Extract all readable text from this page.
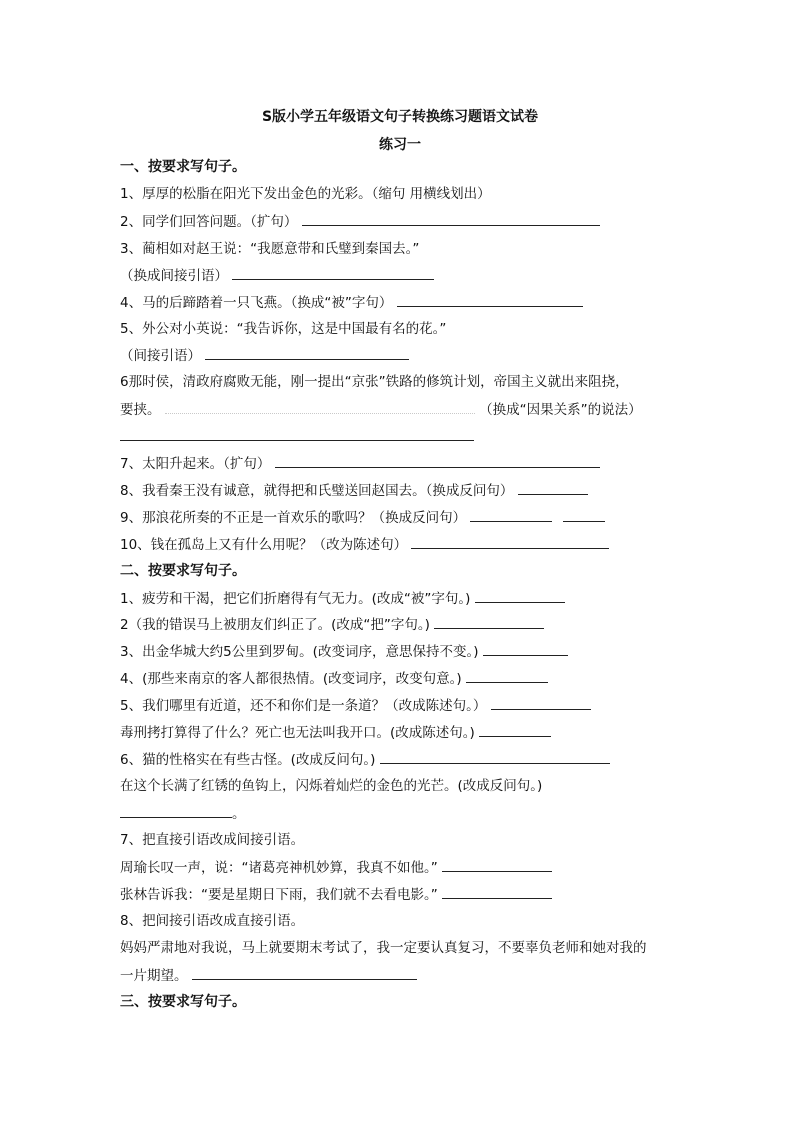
S版小学五年级语文句子转换练习题语文试卷
练习一
一、按要求写句子。
1、厚厚的松脂在阳光下发出金色的光彩。（缩句 用横线划出）
2、同学们回答问题。（扩句）
3、蔺相如对赵王说：“我愿意带和氏璧到秦国去。”
（换成间接引语）
4、马的后蹄踏着一只飞燕。（换成“被”字句）
5、外公对小英说：“我告诉你，这是中国最有名的花。”
（间接引语）
6那时侯，清政府腐败无能，刚一提出“京张”铁路的修筑计划，帝国主义就出来阻挠，
要挟。	（换成“因果关系”的说法）
7、太阳升起来。（扩句）
8、我看秦王没有诚意，就得把和氏璧送回赵国去。（换成反问句）
9、那浪花所奏的不正是一首欢乐的歌吗？（换成反问句）
10、钱在孤岛上又有什么用呢？（改为陈述句）
二、按要求写句子。
1、疲劳和干渴，把它们折磨得有气无力。(改成“被”字句。)
2（我的错误马上被朋友们纠正了。(改成“把”字句。)
3、出金华城大约5公里到罗甸。(改变词序，意思保持不变。)
4、(那些来南京的客人都很热情。(改变词序，改变句意。)
5、我们哪里有近道，还不和你们是一条道？（改成陈述句。）
毒刑拷打算得了什么？死亡也无法叫我开口。(改成陈述句。)
6、猫的性格实在有些古怪。(改成反问句。)
在这个长满了红锈的鱼钩上，闪烁着灿烂的金色的光芒。(改成反问句。)
。
7、把直接引语改成间接引语。
周瑜长叹一声，说：“诸葛亮神机妙算，我真不如他。”
张林告诉我：“要是星期日下雨，我们就不去看电影。”
8、把间接引语改成直接引语。
妈妈严肃地对我说，马上就要期末考试了，我一定要认真复习，不要辜负老师和她对我的
一片期望。
三、按要求写句子。
